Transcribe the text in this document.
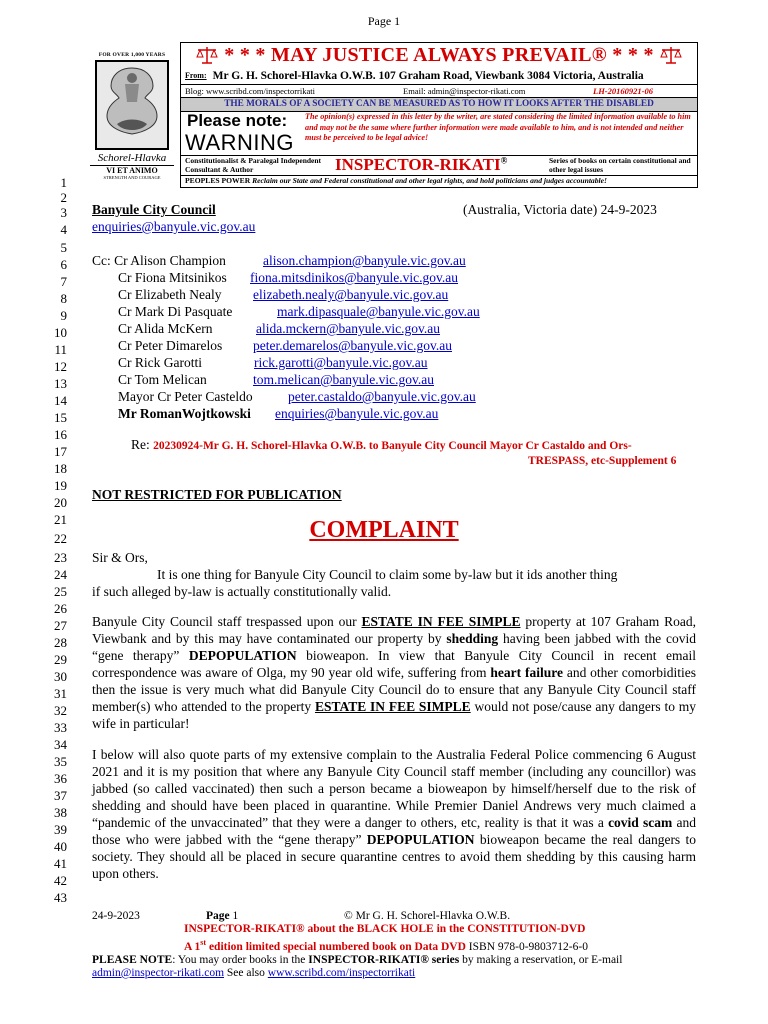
Page 1
FOR OVER 1,000 YEARS
Schorel-Hlavka
VI ET ANIMO
STRENGTH AND COURAGE
* * * MAY JUSTICE ALWAYS PREVAIL® * * *
From: Mr G. H. Schorel-Hlavka O.W.B. 107 Graham Road, Viewbank 3084 Victoria, Australia
Blog: www.scribd.com/inspectorrikati	Email: admin@inspector-rikati.com	LH-20160921-06
THE MORALS OF A SOCIETY CAN BE MEASURED AS TO HOW IT LOOKS AFTER THE DISABLED
Please note:
WARNING
The opinion(s) expressed in this letter by the writer, are stated considering the limited information available to him and may not be the same where further information were made available to him, and is not intended and neither must be perceived to be legal advice!
Constitutionalist & Paralegal Independent Consultant & Author	INSPECTOR-RIKATI®	Series of books on certain constitutional and other legal issues
PEOPLES POWER Reclaim our State and Federal constitutional and other legal rights, and hold politicians and judges accountable!
1
2
3
4
5
6
7
8
9
10
11
12
13
14
15
16
17
18
19
20
21
22
23
24
25
26
27
28
29
30
31
32
33
34
35
36
37
38
39
40
41
42
43
Banyule City Council	(Australia, Victoria date) 24-9-2023
enquiries@banyule.vic.gov.au
Cc: Cr Alison Champion	alison.champion@banyule.vic.gov.au
Cr Fiona Mitsinikos fiona.mitsdinikos@banyule.vic.gov.au
Cr Elizabeth Nealy elizabeth.nealy@banyule.vic.gov.au
Cr Mark Di Pasquate	mark.dipasquale@banyule.vic.gov.au
Cr Alida McKern	alida.mckern@banyule.vic.gov.au
Cr Peter Dimarelos peter.demarelos@banyule.vic.gov.au
Cr Rick Garotti	rick.garotti@banyule.vic.gov.au
Cr Tom Melican	tom.melican@banyule.vic.gov.au
Mayor Cr Peter Casteldo	peter.castaldo@banyule.vic.gov.au
Mr RomanWojtkowski enquiries@banyule.vic.gov.au
Re: 20230924-Mr G. H. Schorel-Hlavka O.W.B. to Banyule City Council Mayor Cr Castaldo and Ors-
TRESPASS, etc-Supplement 6
NOT RESTRICTED FOR PUBLICATION
COMPLAINT
Sir & Ors,
It is one thing for Banyule City Council to claim some by-law but it ids another thing
if such alleged by-law is actually constitutionally valid.
Banyule City Council staff trespassed upon our ESTATE IN FEE SIMPLE property at 107 Graham Road, Viewbank and by this may have contaminated our property by shedding having been jabbed with the covid “gene therapy” DEPOPULATION bioweapon. In view that Banyule City Council in recent email correspondence was aware of Olga, my 90 year old wife, suffering from heart failure and other comorbidities then the issue is very much what did Banyule City Council do to ensure that any Banyule City Council staff member(s) who attended to the property ESTATE IN FEE SIMPLE would not pose/cause any dangers to my wife in particular!
I below will also quote parts of my extensive complain to the Australia Federal Police commencing 6 August 2021 and it is my position that where any Banyule City Council staff member (including any councillor) was jabbed (so called vaccinated) then such a person became a bioweapon by himself/herself due to the risk of shedding and should have been placed in quarantine. While Premier Daniel Andrews very much claimed a “pandemic of the unvaccinated” that they were a danger to others, etc, reality is that it was a covid scam and those who were jabbed with the “gene therapy” DEPOPULATION bioweapon became the real dangers to society. They should all be placed in secure quarantine centres to avoid them shedding by this causing harm upon others.
24-9-2023	Page 1	© Mr G. H. Schorel-Hlavka O.W.B.
INSPECTOR-RIKATI® about the BLACK HOLE in the CONSTITUTION-DVD
A 1st edition limited special numbered book on Data DVD ISBN 978-0-9803712-6-0
PLEASE NOTE: You may order books in the INSPECTOR-RIKATI® series by making a reservation, or E-mail
admin@inspector-rikati.com See also www.scribd.com/inspectorrikati
